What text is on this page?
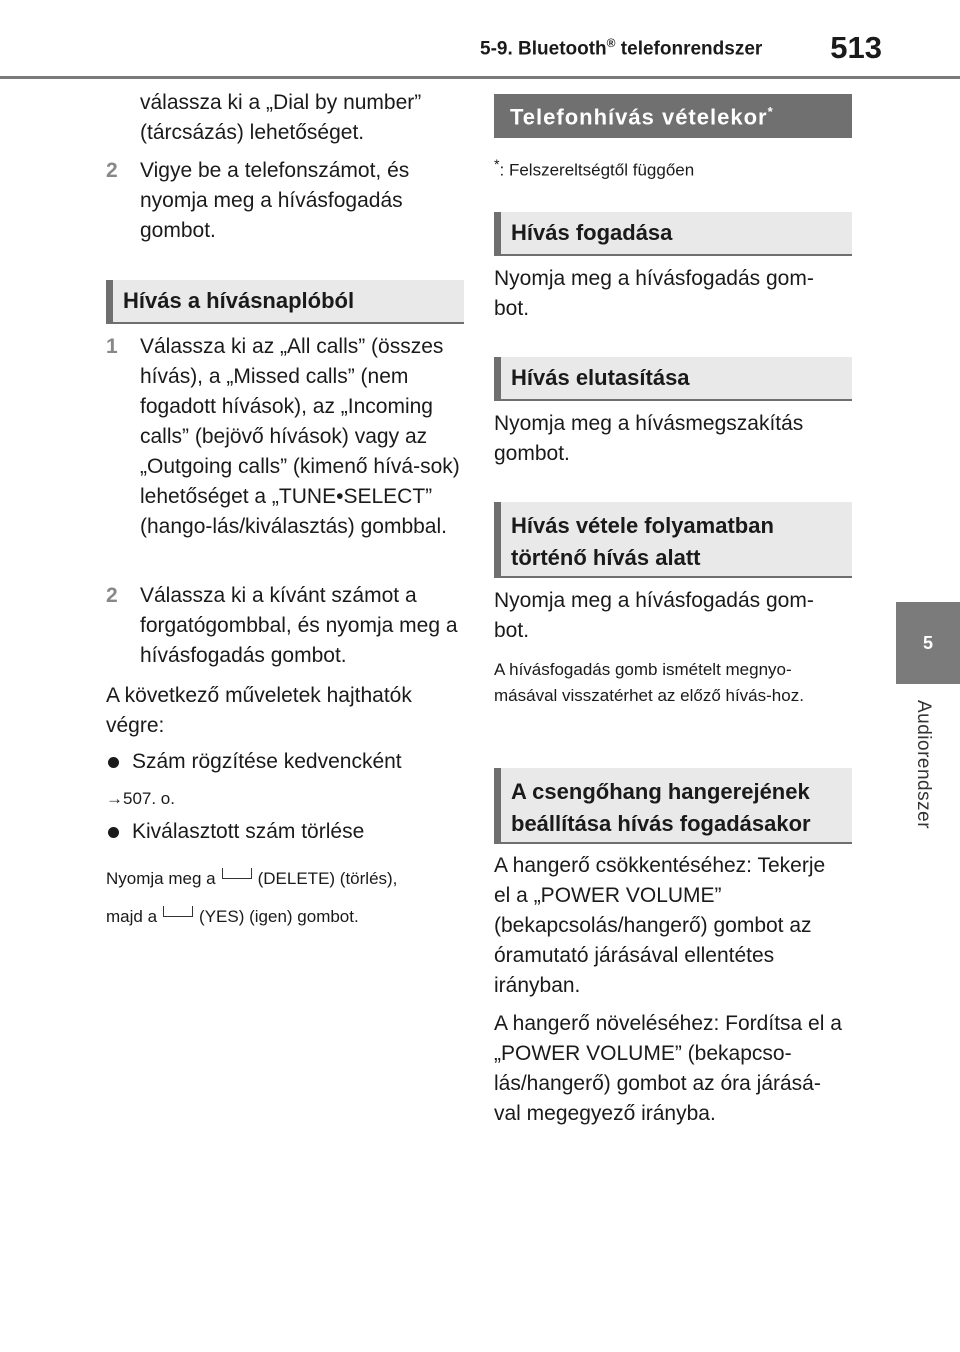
5-9. Bluetooth® telefonrendszer 513
5
Audiorendszer
válassza ki a „Dial by number” (tárcsázás) lehetőséget.
2 Vigye be a telefonszámot, és nyomja meg a hívásfogadás gombot.
Hívás a hívásnaplóból
1 Válassza ki az „All calls” (összes hívás), a „Missed calls” (nem fogadott hívások), az „Incoming calls” (bejövő hívások) vagy az „Outgoing calls” (kimenő hívá-sok) lehetőséget a „TUNE•SELECT” (hango-lás/kiválasztás) gombbal.
2 Válassza ki a kívánt számot a forgatógombbal, és nyomja meg a hívásfogadás gombot.
A következő műveletek hajthatók végre:
Szám rögzítése kedvencként
→507. o.
Kiválasztott szám törlése
Nyomja meg a (DELETE) (törlés),
majd a (YES) (igen) gombot.
Telefonhívás vételekor*
*: Felszereltségtől függően
Hívás fogadása
Nyomja meg a hívásfogadás gom-bot.
Hívás elutasítása
Nyomja meg a hívásmegszakítás gombot.
Hívás vétele folyamatban történő hívás alatt
Nyomja meg a hívásfogadás gom-bot.
A hívásfogadás gomb ismételt megnyo-másával visszatérhet az előző hívás-hoz.
A csengőhang hangerejének beállítása hívás fogadásakor
A hangerő csökkentéséhez: Tekerje el a „POWER VOLUME” (bekapcsolás/hangerő) gombot az óramutató járásával ellentétes irányban.
A hangerő növeléséhez: Fordítsa el a „POWER VOLUME” (bekapcso-lás/hangerő) gombot az óra járásá-val megegyező irányba.
